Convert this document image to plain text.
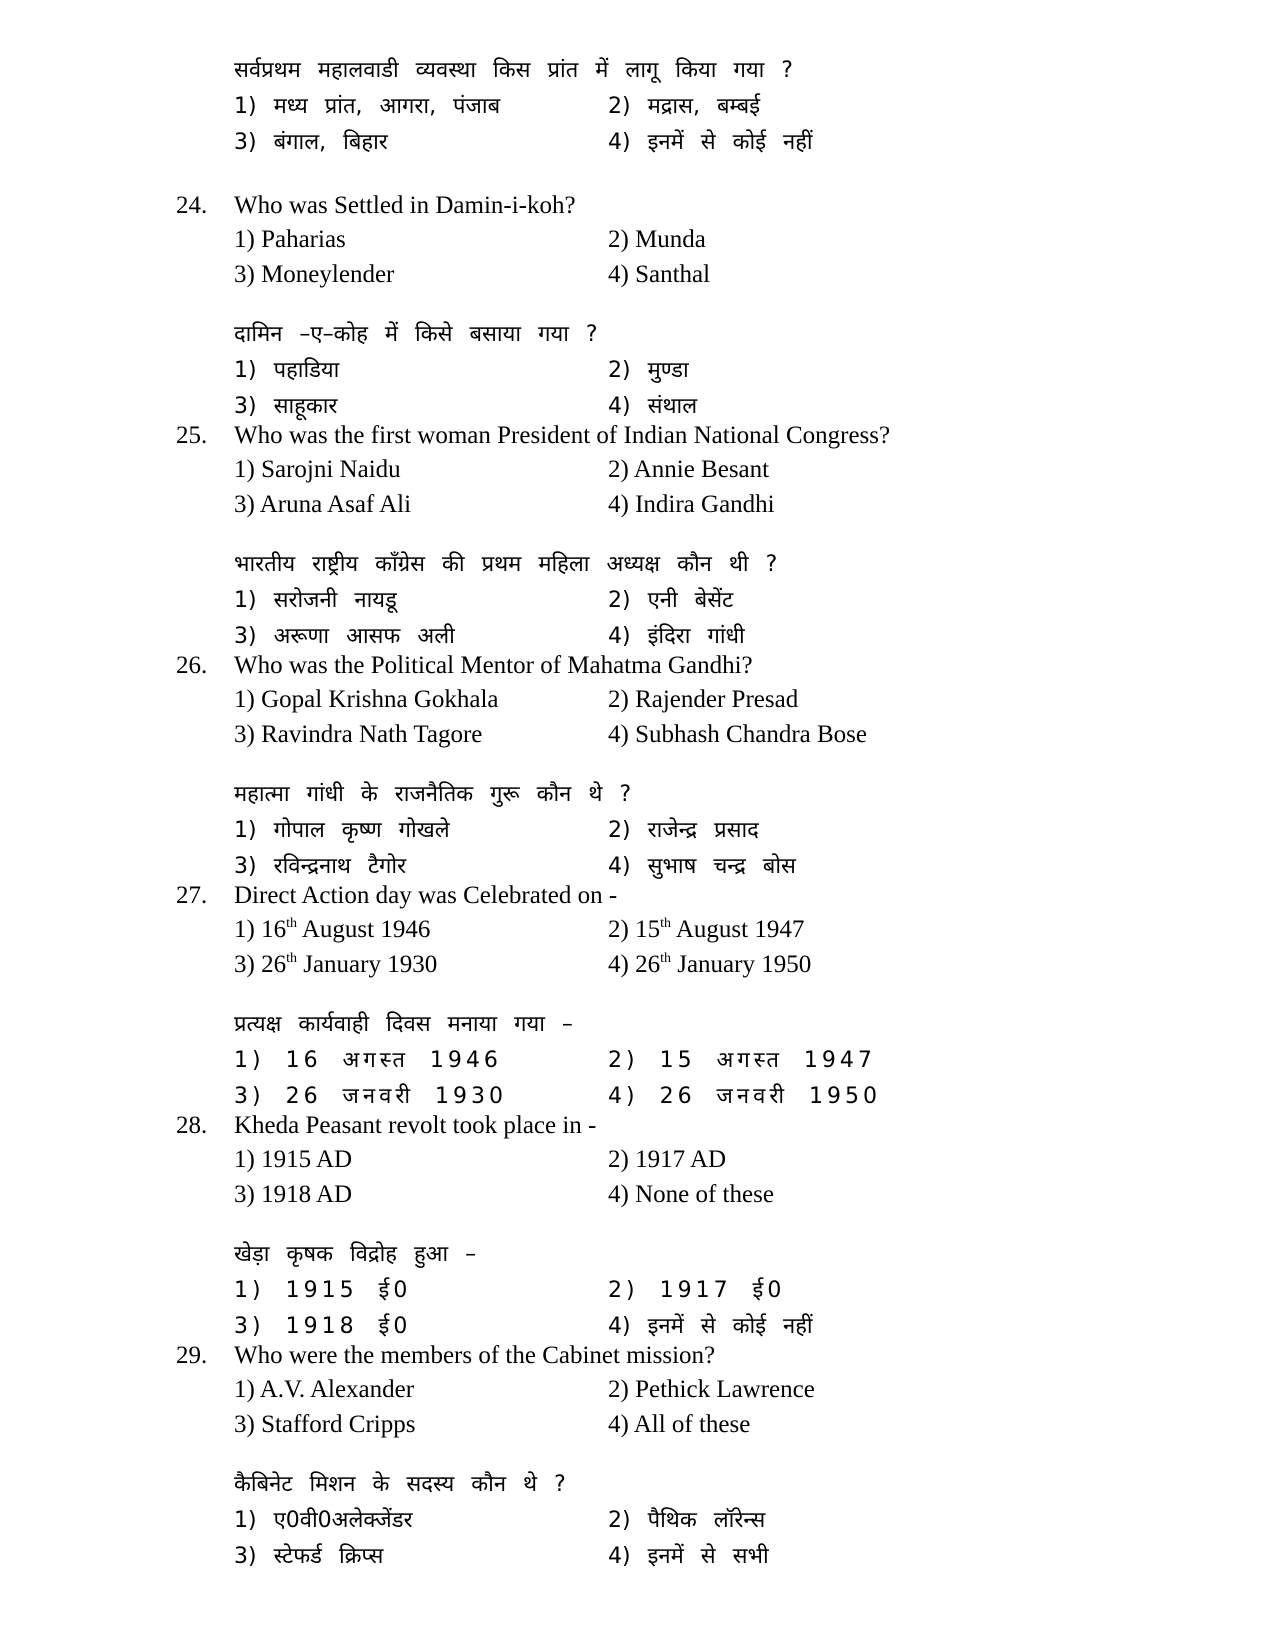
सर्वप्रथम महालवाडी व्यवस्था किस प्रांत में लागू किया गया ?
1) मध्य प्रांत, आगरा, पंजाब	2) मद्रास, बम्बई
3) बंगाल, बिहार	4) इनमें से कोई नहीं
24. Who was Settled in Damin-i-koh?
1) Paharias	2) Munda
3) Moneylender	4) Santhal
दामिन –ए–कोह में किसे बसाया गया ?
1) पहाडिया	2) मुण्डा
3) साहूकार	4) संथाल
25. Who was the first woman President of Indian National Congress?
1) Sarojni Naidu	2) Annie Besant
3) Aruna Asaf Ali	4) Indira Gandhi
भारतीय राष्ट्रीय कॉंग्रेस की प्रथम महिला अध्यक्ष कौन थी ?
1) सरोजनी नायडू	2) एनी बेसेंट
3) अरूणा आसफ अली	4) इंदिरा गांधी
26. Who was the Political Mentor of Mahatma Gandhi?
1) Gopal Krishna Gokhala	2) Rajender Presad
3) Ravindra Nath Tagore	4) Subhash Chandra Bose
महात्मा गांधी के राजनैतिक गुरू कौन थे ?
1) गोपाल कृष्ण गोखले	2) राजेन्द्र प्रसाद
3) रविन्द्रनाथ टैगोर	4) सुभाष चन्द्र बोस
27. Direct Action day was Celebrated on -
1) 16th August 1946	2) 15th August 1947
3) 26th January 1930	4) 26th January 1950
प्रत्यक्ष कार्यवाही दिवस मनाया गया –
1) 16 अगस्त 1946	2) 15 अगस्त 1947
3) 26 जनवरी 1930	4) 26 जनवरी 1950
28. Kheda Peasant revolt took place in -
1) 1915 AD	2) 1917 AD
3) 1918 AD	4) None of these
खेड़ा कृषक विद्रोह हुआ –
1) 1915 ई0	2) 1917 ई0
3) 1918 ई0	4) इनमें से कोई नहीं
29. Who were the members of the Cabinet mission?
1) A.V. Alexander	2) Pethick Lawrence
3) Stafford Cripps	4) All of these
कैबिनेट मिशन के सदस्य कौन थे ?
1) ए0वी0अलेक्जेंडर	2) पैथिक लॉरेन्स
3) स्टेफर्ड क्रिप्स	4) इनमें से सभी
